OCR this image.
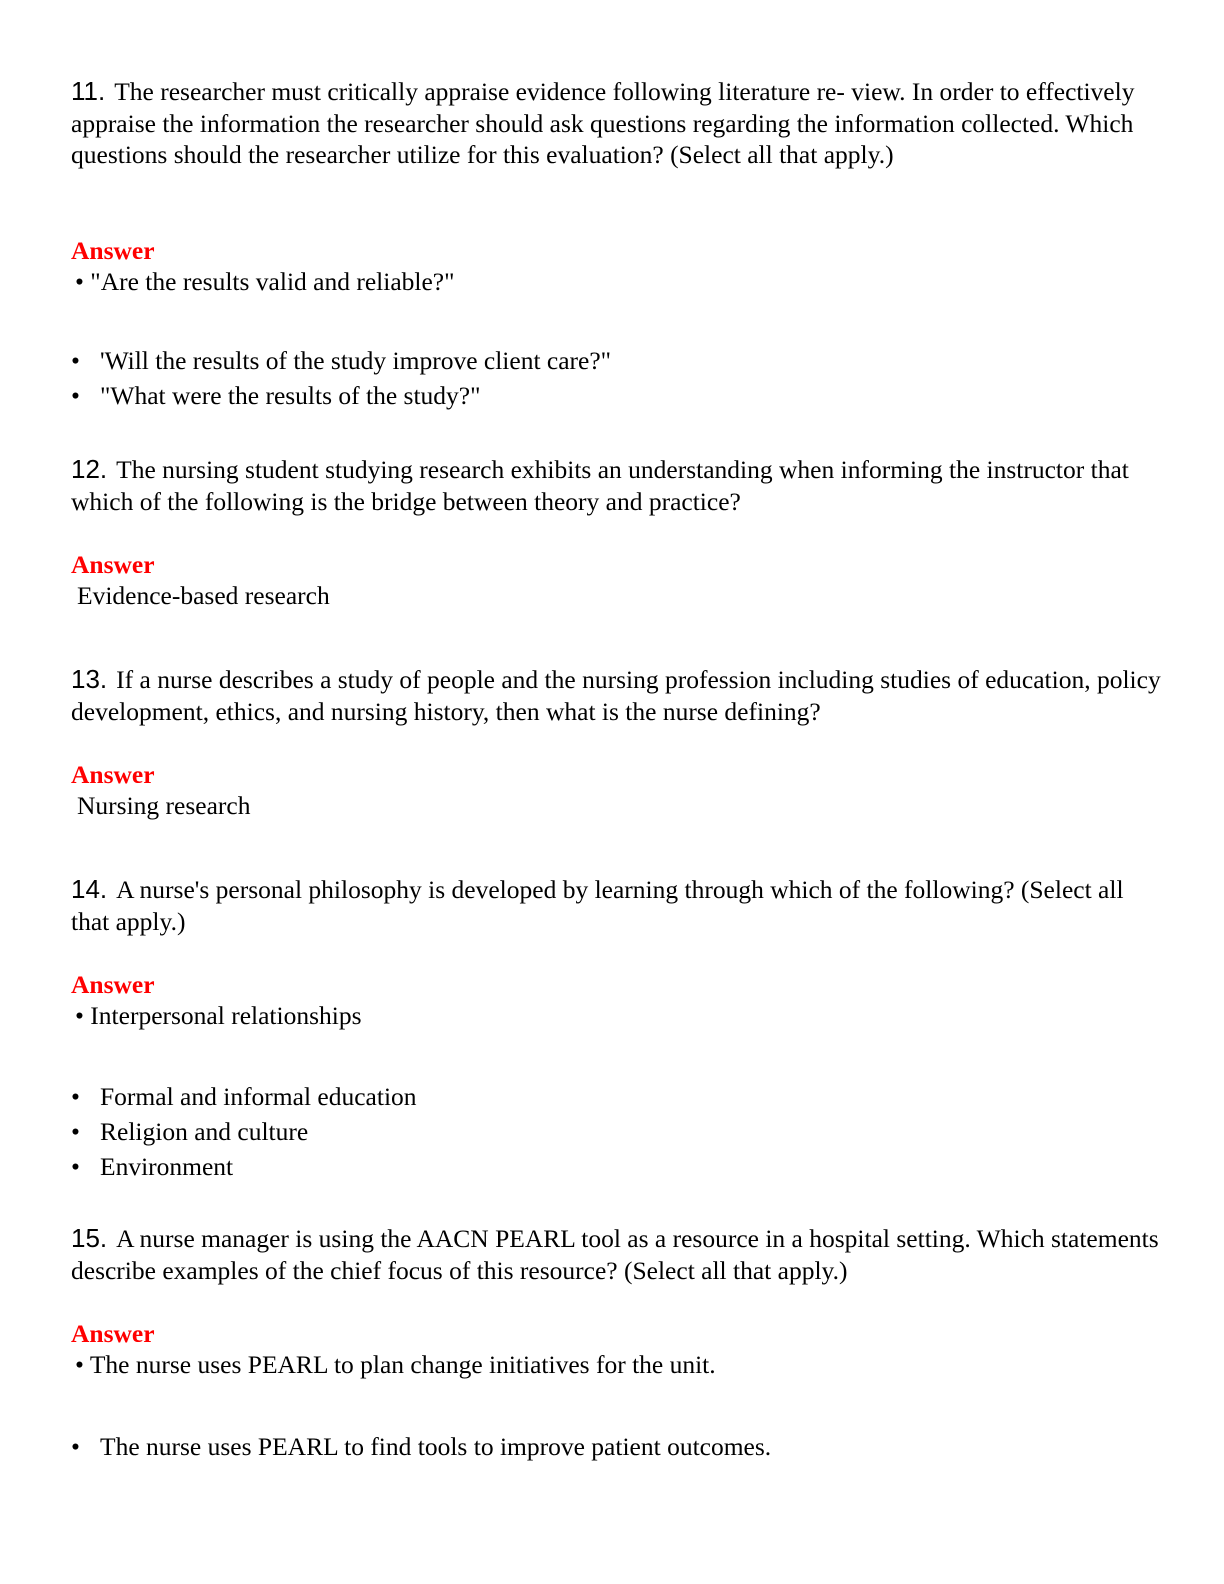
11. The researcher must critically appraise evidence following literature re- view. In order to effectively appraise the information the researcher should ask questions regarding the information collected. Which questions should the researcher utilize for this evaluation? (Select all that apply.)

Answer

• "Are the results valid and reliable?"

• 'Will the results of the study improve client care?"
• "What were the results of the study?"

12. The nursing student studying research exhibits an understanding when informing the instructor that which of the following is the bridge between theory and practice?

Answer

Evidence-based research

13. If a nurse describes a study of people and the nursing profession including studies of education, policy development, ethics, and nursing history, then what is the nurse defining?

Answer

Nursing research

14. A nurse's personal philosophy is developed by learning through which of the following? (Select all that apply.)

Answer

• Interpersonal relationships

• Formal and informal education
• Religion and culture
• Environment

15. A nurse manager is using the AACN PEARL tool as a resource in a hospital setting. Which statements describe examples of the chief focus of this resource? (Select all that apply.)

Answer

• The nurse uses PEARL to plan change initiatives for the unit.

• The nurse uses PEARL to find tools to improve patient outcomes.
